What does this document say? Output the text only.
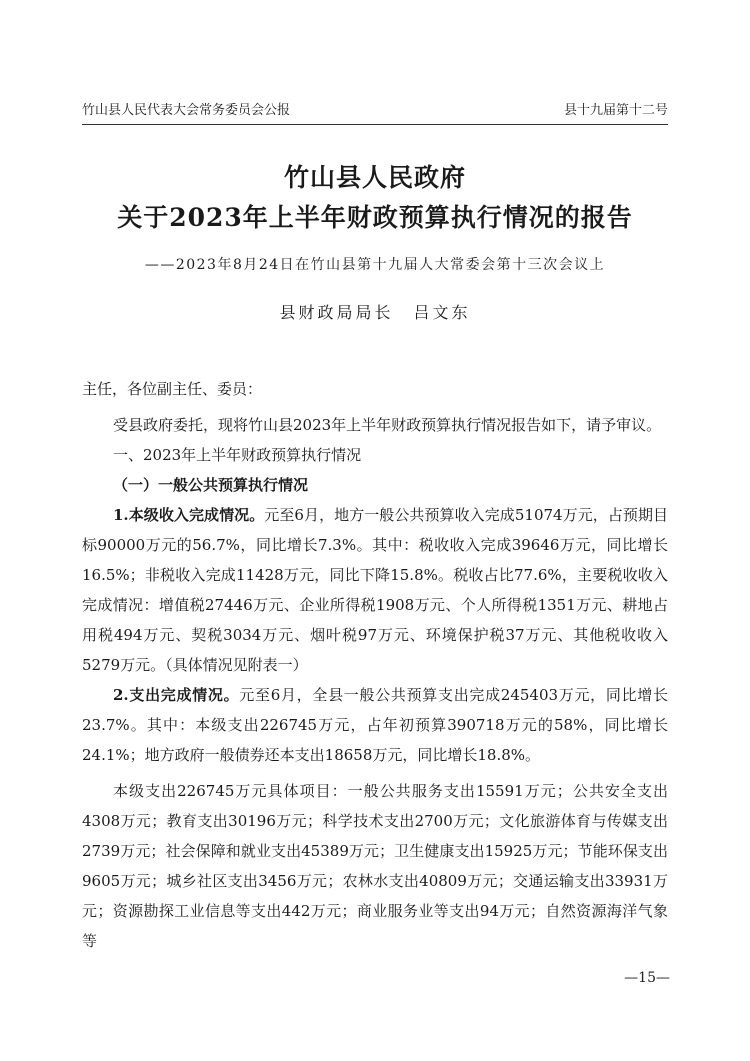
竹山县人民代表大会常务委员会公报	县十九届第十二号
竹山县人民政府
关于2023年上半年财政预算执行情况的报告
——2023年8月24日在竹山县第十九届人大常委会第十三次会议上
县财政局局长 吕文东

主任，各位副主任、委员：

受县政府委托，现将竹山县2023年上半年财政预算执行情况报告如下，请予审议。

一、2023年上半年财政预算执行情况

（一）一般公共预算执行情况

1.本级收入完成情况。元至6月，地方一般公共预算收入完成51074万元，占预期目标90000万元的56.7%，同比增长7.3%。其中：税收收入完成39646万元，同比增长16.5%；非税收入完成11428万元，同比下降15.8%。税收占比77.6%，主要税收收入完成情况：增值税27446万元、企业所得税1908万元、个人所得税1351万元、耕地占用税494万元、契税3034万元、烟叶税97万元、环境保护税37万元、其他税收收入5279万元。（具体情况见附表一）

2.支出完成情况。元至6月，全县一般公共预算支出完成245403万元，同比增长23.7%。其中：本级支出226745万元，占年初预算390718万元的58%，同比增长24.1%；地方政府一般债券还本支出18658万元，同比增长18.8%。

本级支出226745万元具体项目：一般公共服务支出15591万元；公共安全支出4308万元；教育支出30196万元；科学技术支出2700万元；文化旅游体育与传媒支出2739万元；社会保障和就业支出45389万元；卫生健康支出15925万元；节能环保支出9605万元；城乡社区支出3456万元；农林水支出40809万元；交通运输支出33931万元；资源勘探工业信息等支出442万元；商业服务业等支出94万元；自然资源海洋气象等

—15—
